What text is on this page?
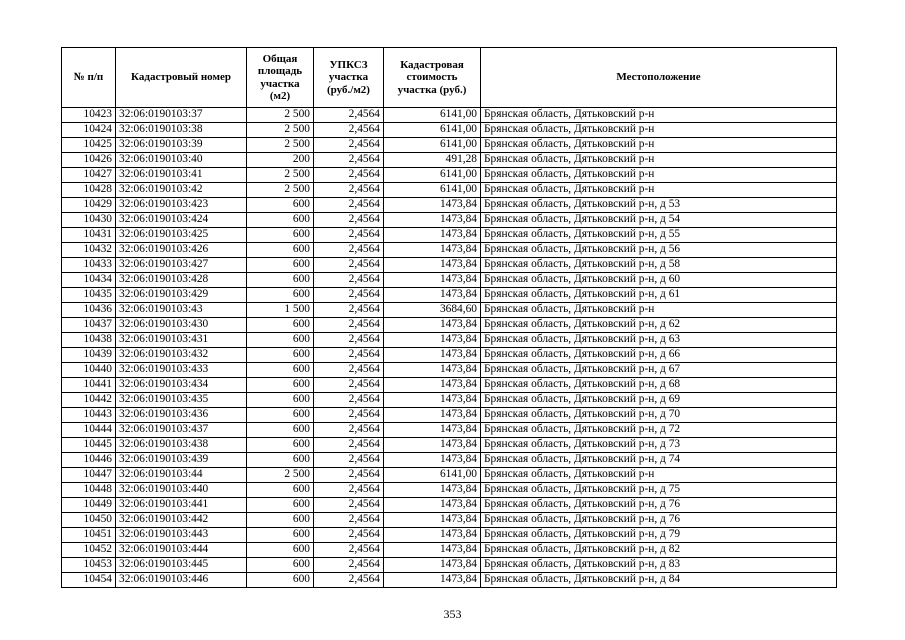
№ п/п	Кадастровый номер	Общая площадь участка (м2)	УПКСЗ участка (руб./м2)	Кадастровая стоимость участка (руб.)	Местоположение
10423	32:06:0190103:37	2 500	2,4564	6141,00	Брянская область, Дятьковский р-н
10424	32:06:0190103:38	2 500	2,4564	6141,00	Брянская область, Дятьковский р-н
10425	32:06:0190103:39	2 500	2,4564	6141,00	Брянская область, Дятьковский р-н
10426	32:06:0190103:40	200	2,4564	491,28	Брянская область, Дятьковский р-н
10427	32:06:0190103:41	2 500	2,4564	6141,00	Брянская область, Дятьковский р-н
10428	32:06:0190103:42	2 500	2,4564	6141,00	Брянская область, Дятьковский р-н
10429	32:06:0190103:423	600	2,4564	1473,84	Брянская область, Дятьковский р-н, д 53
10430	32:06:0190103:424	600	2,4564	1473,84	Брянская область, Дятьковский р-н, д 54
10431	32:06:0190103:425	600	2,4564	1473,84	Брянская область, Дятьковский р-н, д 55
10432	32:06:0190103:426	600	2,4564	1473,84	Брянская область, Дятьковский р-н, д 56
10433	32:06:0190103:427	600	2,4564	1473,84	Брянская область, Дятьковский р-н, д 58
10434	32:06:0190103:428	600	2,4564	1473,84	Брянская область, Дятьковский р-н, д 60
10435	32:06:0190103:429	600	2,4564	1473,84	Брянская область, Дятьковский р-н, д 61
10436	32:06:0190103:43	1 500	2,4564	3684,60	Брянская область, Дятьковский р-н
10437	32:06:0190103:430	600	2,4564	1473,84	Брянская область, Дятьковский р-н, д 62
10438	32:06:0190103:431	600	2,4564	1473,84	Брянская область, Дятьковский р-н, д 63
10439	32:06:0190103:432	600	2,4564	1473,84	Брянская область, Дятьковский р-н, д 66
10440	32:06:0190103:433	600	2,4564	1473,84	Брянская область, Дятьковский р-н, д 67
10441	32:06:0190103:434	600	2,4564	1473,84	Брянская область, Дятьковский р-н, д 68
10442	32:06:0190103:435	600	2,4564	1473,84	Брянская область, Дятьковский р-н, д 69
10443	32:06:0190103:436	600	2,4564	1473,84	Брянская область, Дятьковский р-н, д 70
10444	32:06:0190103:437	600	2,4564	1473,84	Брянская область, Дятьковский р-н, д 72
10445	32:06:0190103:438	600	2,4564	1473,84	Брянская область, Дятьковский р-н, д 73
10446	32:06:0190103:439	600	2,4564	1473,84	Брянская область, Дятьковский р-н, д 74
10447	32:06:0190103:44	2 500	2,4564	6141,00	Брянская область, Дятьковский р-н
10448	32:06:0190103:440	600	2,4564	1473,84	Брянская область, Дятьковский р-н, д 75
10449	32:06:0190103:441	600	2,4564	1473,84	Брянская область, Дятьковский р-н, д 76
10450	32:06:0190103:442	600	2,4564	1473,84	Брянская область, Дятьковский р-н, д 76
10451	32:06:0190103:443	600	2,4564	1473,84	Брянская область, Дятьковский р-н, д 79
10452	32:06:0190103:444	600	2,4564	1473,84	Брянская область, Дятьковский р-н, д 82
10453	32:06:0190103:445	600	2,4564	1473,84	Брянская область, Дятьковский р-н, д 83
10454	32:06:0190103:446	600	2,4564	1473,84	Брянская область, Дятьковский р-н, д 84
353
